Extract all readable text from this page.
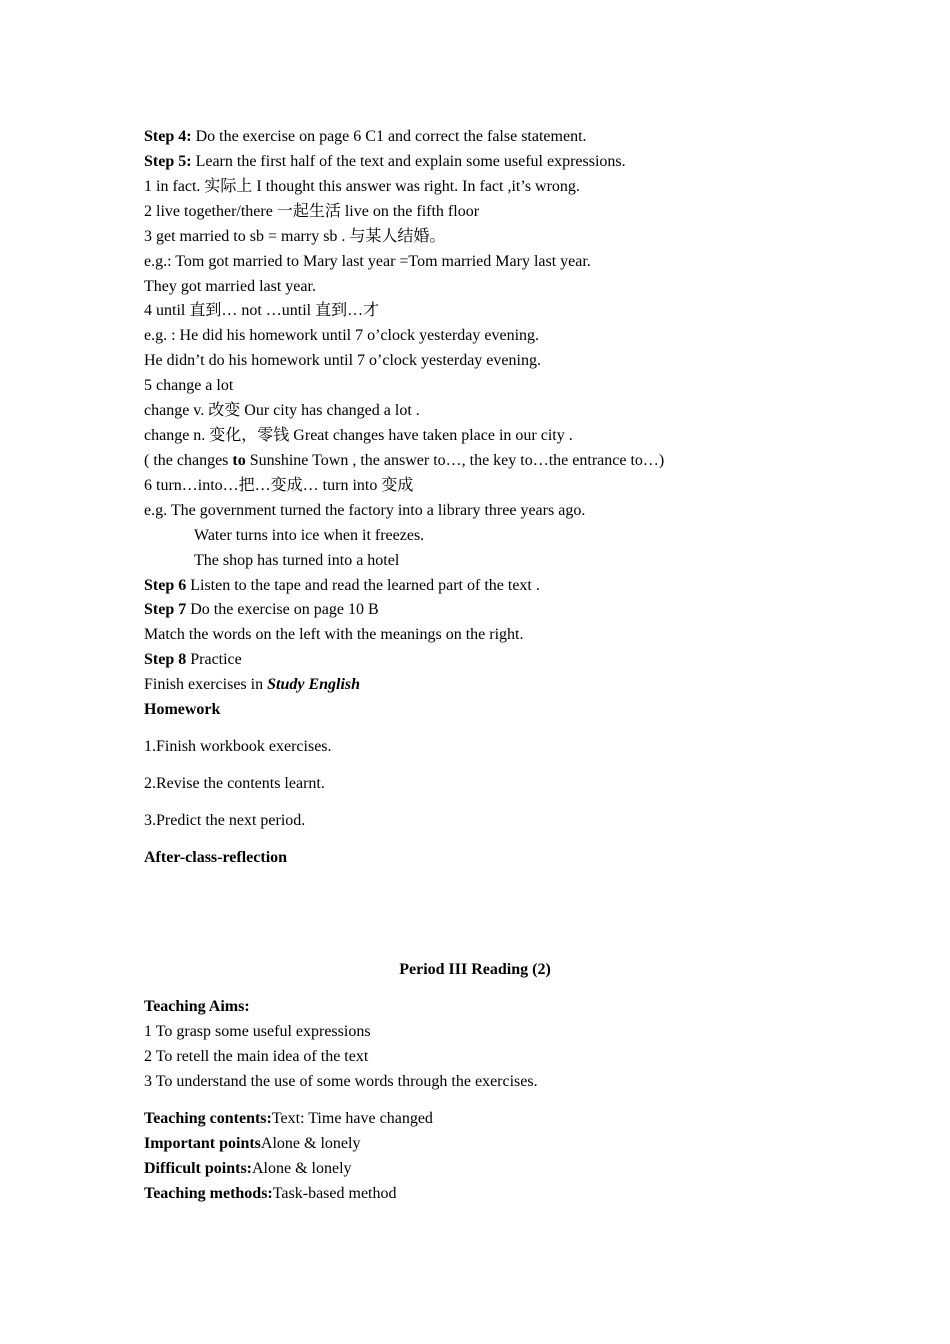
Step 4: Do the exercise on page 6 C1 and correct the false statement.
Step 5: Learn the first half of the text and explain some useful expressions.
1 in fact. 实际上 I thought this answer was right. In fact ,it’s wrong.
2 live together/there 一起生活 live on the fifth floor
3 get married to sb = marry sb . 与某人结婚。
e.g.: Tom got married to Mary last year =Tom married Mary last year.
They got married last year.
4 until 直到… not …until 直到…才
e.g. : He did his homework until 7 o’clock yesterday evening.
He didn’t do his homework until 7 o’clock yesterday evening.
5 change a lot
change v. 改变 Our city has changed a lot .
change n. 变化，零钱 Great changes have taken place in our city .
( the changes to Sunshine Town , the answer to…, the key to…the entrance to…)
6 turn…into…把…变成… turn into 变成
e.g. The government turned the factory into a library three years ago.
Water turns into ice when it freezes.
The shop has turned into a hotel
Step 6 Listen to the tape and read the learned part of the text .
Step 7 Do the exercise on page 10 B
Match the words on the left with the meanings on the right.
Step 8 Practice
Finish exercises in Study English
Homework
1.Finish workbook exercises.
2.Revise the contents learnt.
3.Predict the next period.
After-class-reflection
Period III Reading (2)
Teaching Aims:
1 To grasp some useful expressions
2 To retell the main idea of the text
3 To understand the use of some words through the exercises.
Teaching contents:Text: Time have changed
Important pointsAlone & lonely
Difficult points:Alone & lonely
Teaching methods:Task-based method
